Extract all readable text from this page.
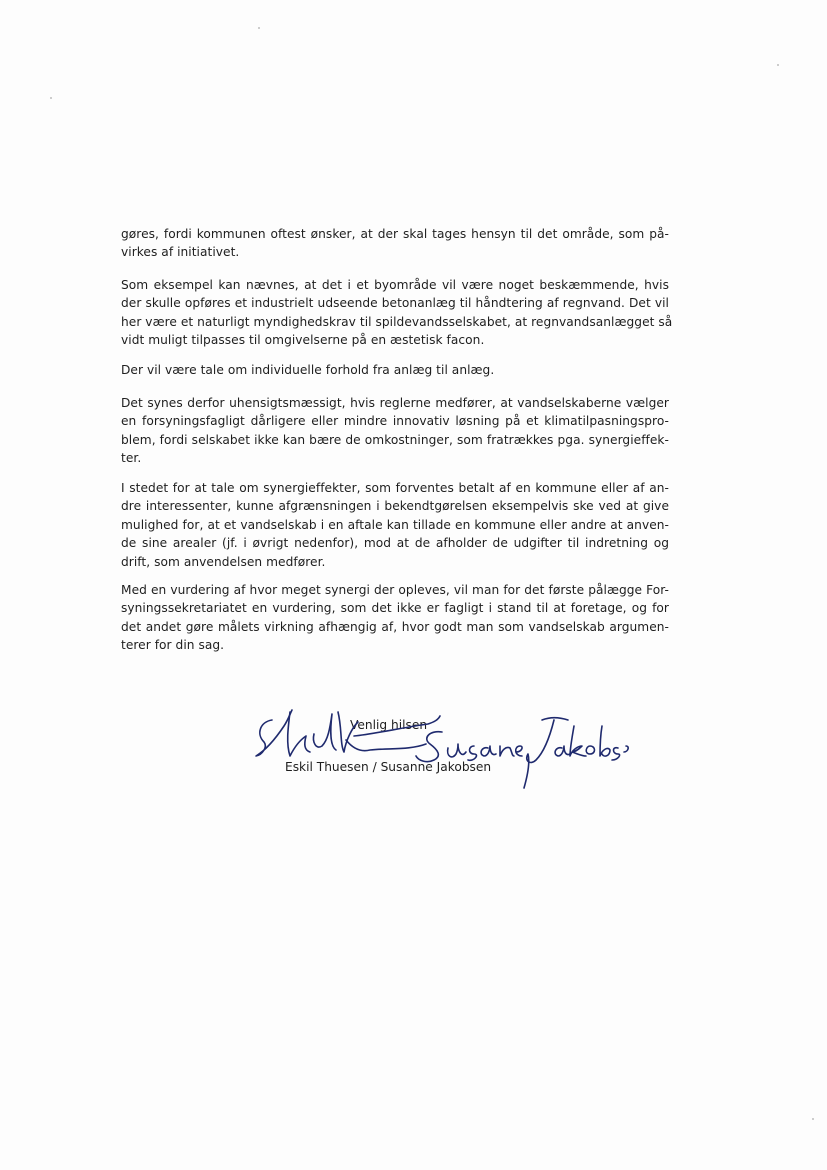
gøres, fordi kommunen oftest ønsker, at der skal tages hensyn til det område, som på-
virkes af initiativet.
Som eksempel kan nævnes, at det i et byområde vil være noget beskæmmende, hvis
der skulle opføres et industrielt udseende betonanlæg til håndtering af regnvand. Det vil
her være et naturligt myndighedskrav til spildevandsselskabet, at regnvandsanlægget så
vidt muligt tilpasses til omgivelserne på en æstetisk facon.
Der vil være tale om individuelle forhold fra anlæg til anlæg.
Det synes derfor uhensigtsmæssigt, hvis reglerne medfører, at vandselskaberne vælger
en forsyningsfagligt dårligere eller mindre innovativ løsning på et klimatilpasningspro-
blem, fordi selskabet ikke kan bære de omkostninger, som fratrækkes pga. synergieffek-
ter.
I stedet for at tale om synergieffekter, som forventes betalt af en kommune eller af an-
dre interessenter, kunne afgrænsningen i bekendtgørelsen eksempelvis ske ved at give
mulighed for, at et vandselskab i en aftale kan tillade en kommune eller andre at anven-
de sine arealer (jf. i øvrigt nedenfor), mod at de afholder de udgifter til indretning og
drift, som anvendelsen medfører.
Med en vurdering af hvor meget synergi der opleves, vil man for det første pålægge For-
syningssekretariatet en vurdering, som det ikke er fagligt i stand til at foretage, og for
det andet gøre målets virkning afhængig af, hvor godt man som vandselskab argumen-
terer for din sag.
Venlig hilsen
Eskil Thuesen / Susanne Jakobsen
